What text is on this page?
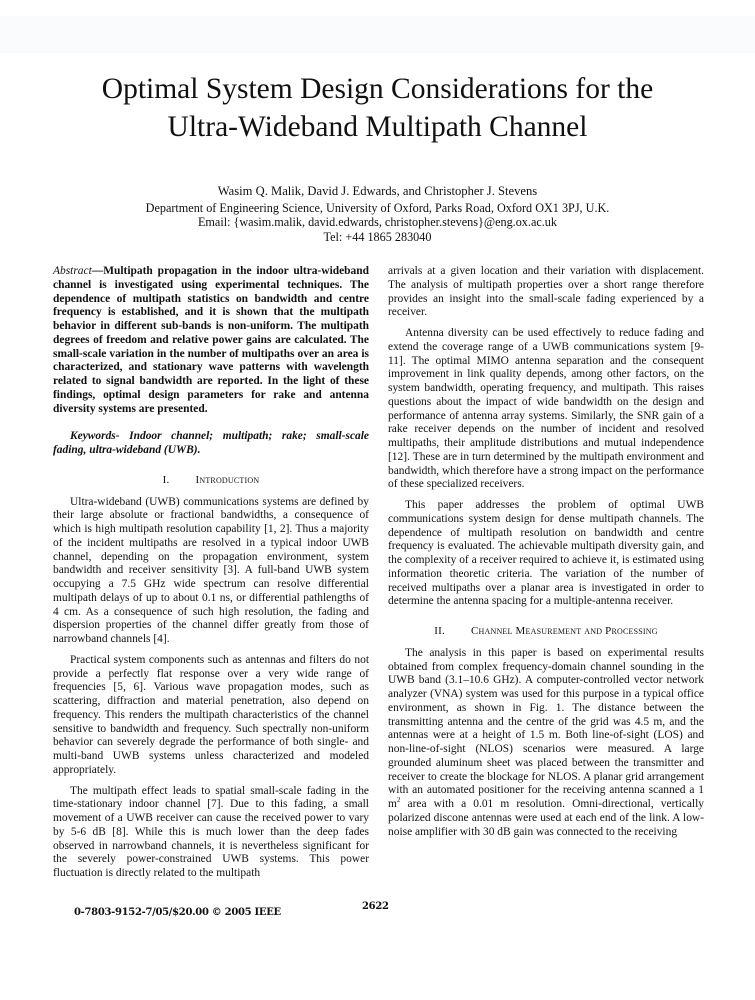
Optimal System Design Considerations for the
Ultra-Wideband Multipath Channel
Wasim Q. Malik, David J. Edwards, and Christopher J. Stevens
Department of Engineering Science, University of Oxford, Parks Road, Oxford OX1 3PJ, U.K.
Email: {wasim.malik, david.edwards, christopher.stevens}@eng.ox.ac.uk
Tel: +44 1865 283040

Abstract—Multipath propagation in the indoor ultra-wideband channel is investigated using experimental techniques. The dependence of multipath statistics on bandwidth and centre frequency is established, and it is shown that the multipath behavior in different sub-bands is non-uniform. The multipath degrees of freedom and relative power gains are calculated. The small-scale variation in the number of multipaths over an area is characterized, and stationary wave patterns with wavelength related to signal bandwidth are reported. In the light of these findings, optimal design parameters for rake and antenna diversity systems are presented.

Keywords- Indoor channel; multipath; rake; small-scale fading, ultra-wideband (UWB).

I. Introduction

Ultra-wideband (UWB) communications systems are defined by their large absolute or fractional bandwidths, a consequence of which is high multipath resolution capability [1, 2]. Thus a majority of the incident multipaths are resolved in a typical indoor UWB channel, depending on the propagation environment, system bandwidth and receiver sensitivity [3]. A full-band UWB system occupying a 7.5 GHz wide spectrum can resolve differential multipath delays of up to about 0.1 ns, or differential pathlengths of 4 cm. As a consequence of such high resolution, the fading and dispersion properties of the channel differ greatly from those of narrowband channels [4].

Practical system components such as antennas and filters do not provide a perfectly flat response over a very wide range of frequencies [5, 6]. Various wave propagation modes, such as scattering, diffraction and material penetration, also depend on frequency. This renders the multipath characteristics of the channel sensitive to bandwidth and frequency. Such spectrally non-uniform behavior can severely degrade the performance of both single- and multi-band UWB systems unless characterized and modeled appropriately.

The multipath effect leads to spatial small-scale fading in the time-stationary indoor channel [7]. Due to this fading, a small movement of a UWB receiver can cause the received power to vary by 5-6 dB [8]. While this is much lower than the deep fades observed in narrowband channels, it is nevertheless significant for the severely power-constrained UWB systems. This power fluctuation is directly related to the multipath

arrivals at a given location and their variation with displacement. The analysis of multipath properties over a short range therefore provides an insight into the small-scale fading experienced by a receiver.

Antenna diversity can be used effectively to reduce fading and extend the coverage range of a UWB communications system [9-11]. The optimal MIMO antenna separation and the consequent improvement in link quality depends, among other factors, on the system bandwidth, operating frequency, and multipath. This raises questions about the impact of wide bandwidth on the design and performance of antenna array systems. Similarly, the SNR gain of a rake receiver depends on the number of incident and resolved multipaths, their amplitude distributions and mutual independence [12]. These are in turn determined by the multipath environment and bandwidth, which therefore have a strong impact on the performance of these specialized receivers.

This paper addresses the problem of optimal UWB communications system design for dense multipath channels. The dependence of multipath resolution on bandwidth and centre frequency is evaluated. The achievable multipath diversity gain, and the complexity of a receiver required to achieve it, is estimated using information theoretic criteria. The variation of the number of received multipaths over a planar area is investigated in order to determine the antenna spacing for a multiple-antenna receiver.

II. Channel Measurement and Processing

The analysis in this paper is based on experimental results obtained from complex frequency-domain channel sounding in the UWB band (3.1–10.6 GHz). A computer-controlled vector network analyzer (VNA) system was used for this purpose in a typical office environment, as shown in Fig. 1. The distance between the transmitting antenna and the centre of the grid was 4.5 m, and the antennas were at a height of 1.5 m. Both line-of-sight (LOS) and non-line-of-sight (NLOS) scenarios were measured. A large grounded aluminum sheet was placed between the transmitter and receiver to create the blockage for NLOS. A planar grid arrangement with an automated positioner for the receiving antenna scanned a 1 $m^2$ area with a 0.01 m resolution. Omni-directional, vertically polarized discone antennas were used at each end of the link. A low-noise amplifier with 30 dB gain was connected to the receiving

0-7803-9152-7/05/$20.00 © 2005 IEEE
2622
